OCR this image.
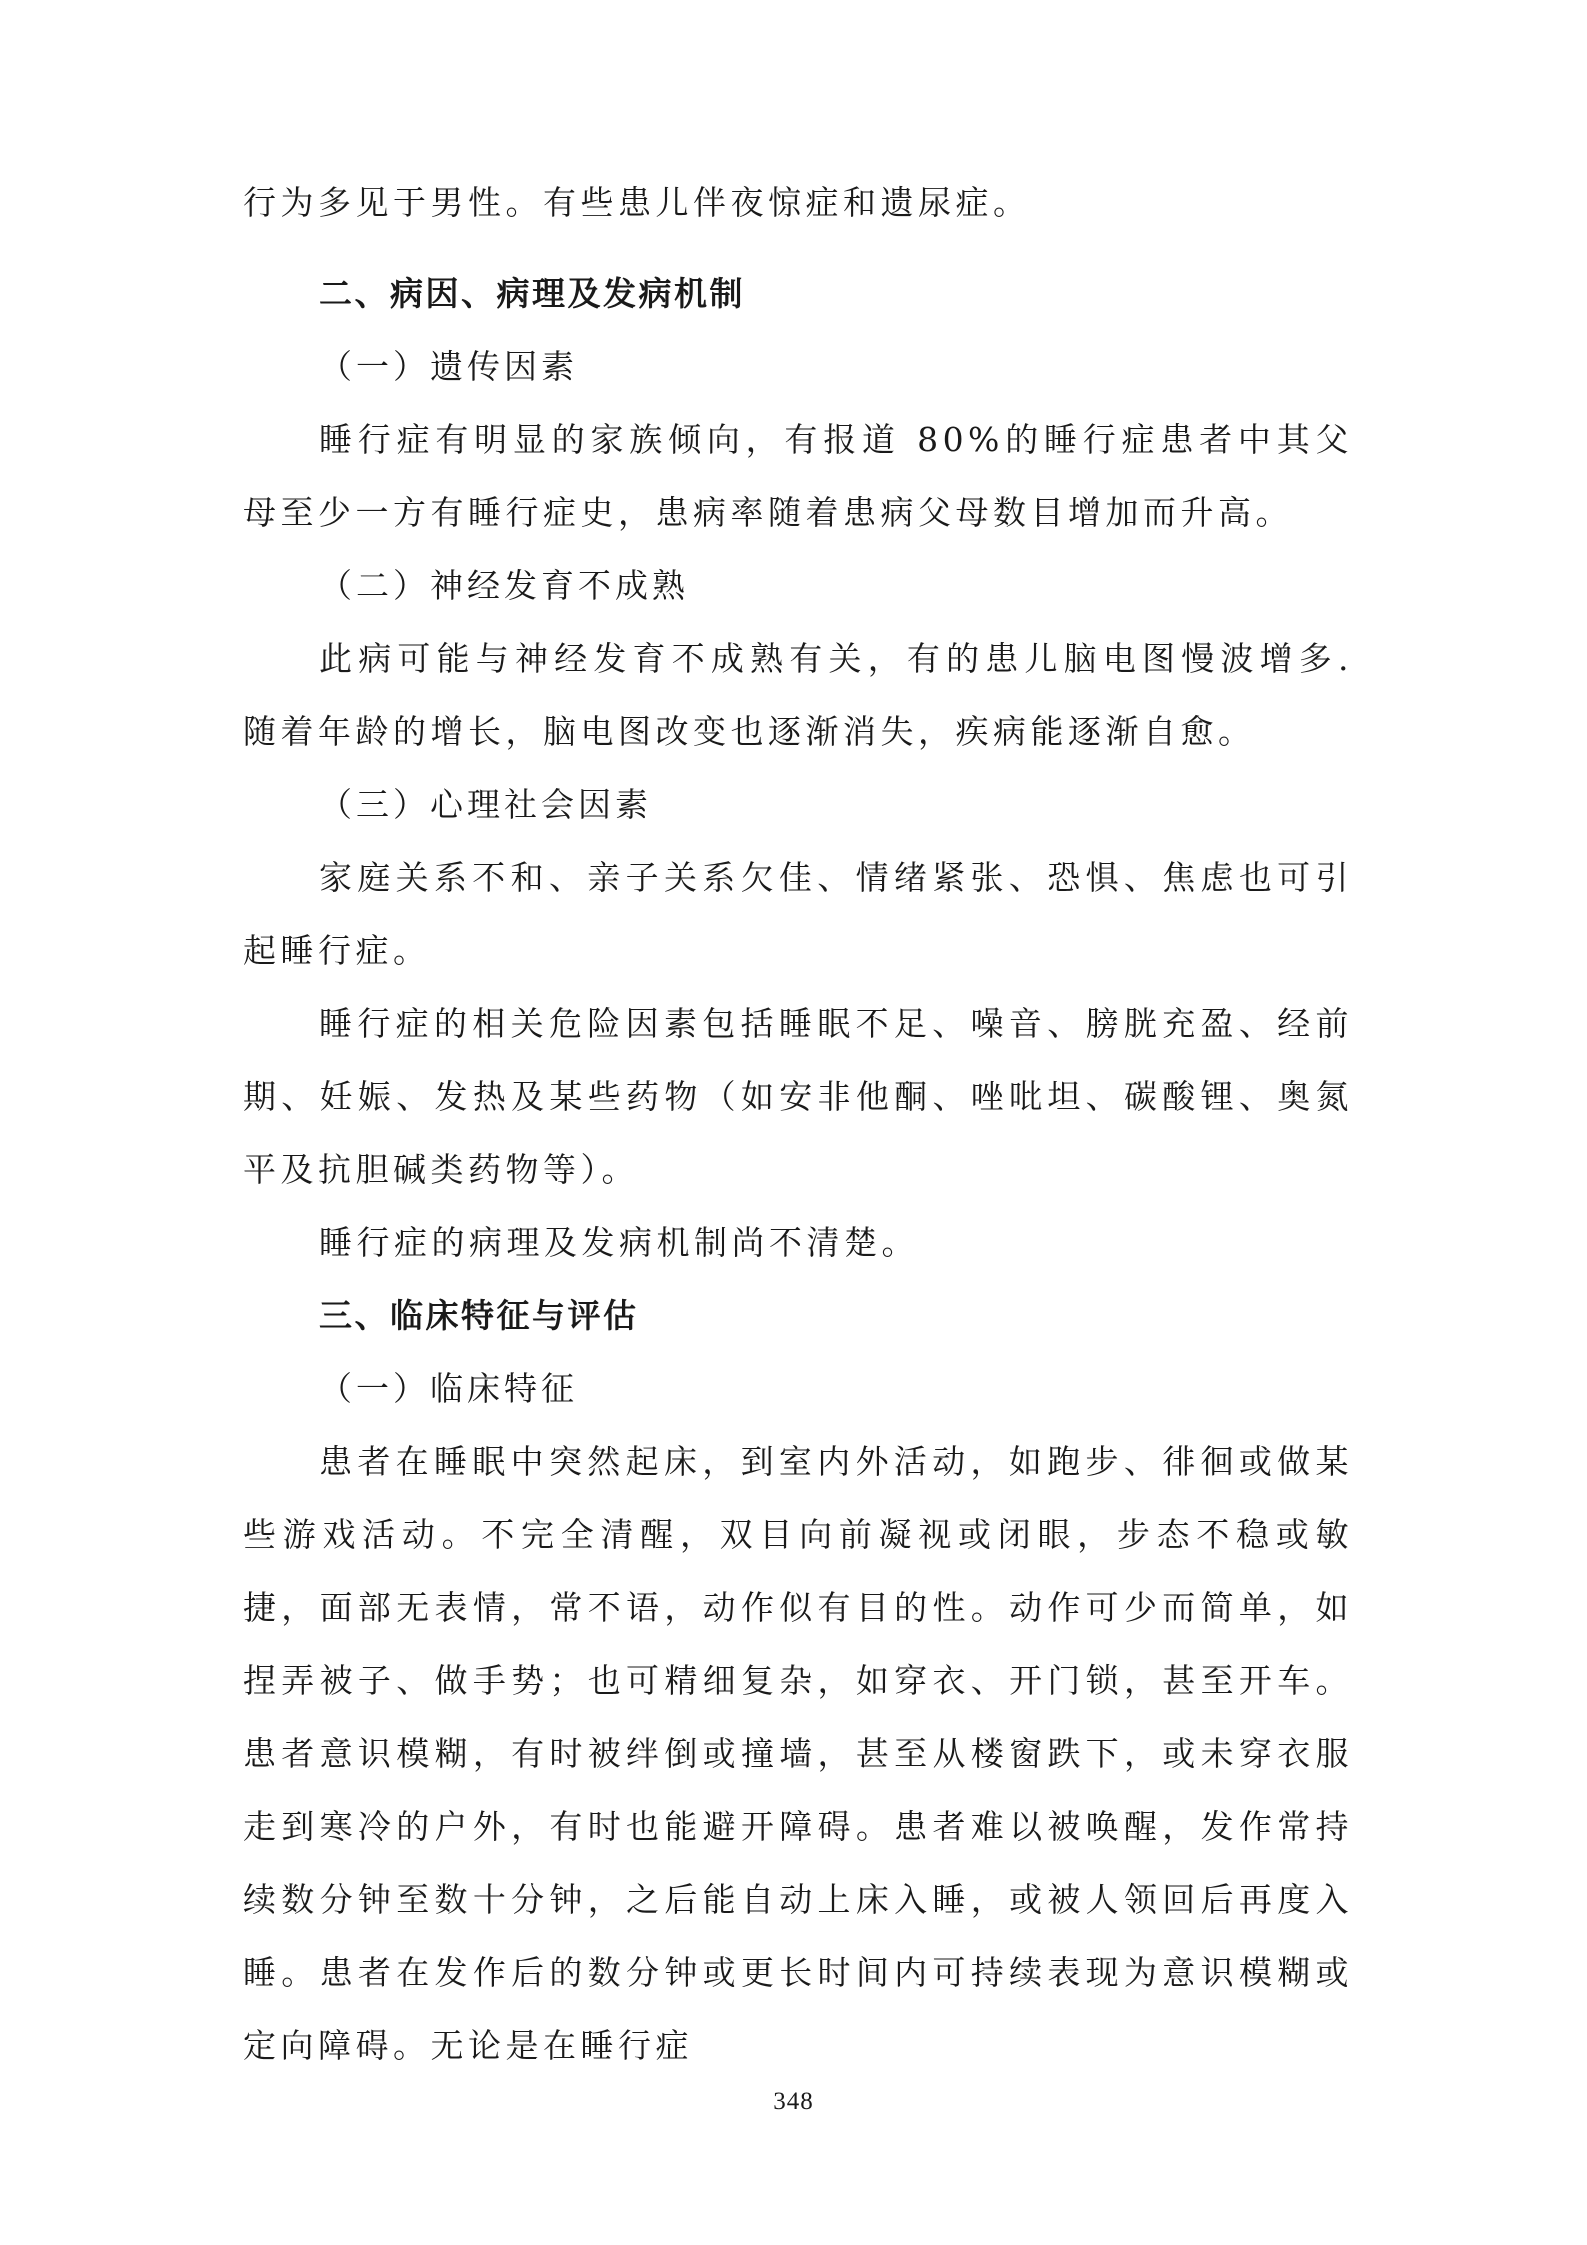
行为多见于男性。有些患儿伴夜惊症和遗尿症。

二、病因、病理及发病机制

（一）遗传因素

睡行症有明显的家族倾向，有报道 80%的睡行症患者中其父母至少一方有睡行症史，患病率随着患病父母数目增加而升高。

（二）神经发育不成熟

此病可能与神经发育不成熟有关，有的患儿脑电图慢波增多. 随着年龄的增长，脑电图改变也逐渐消失，疾病能逐渐自愈。

（三）心理社会因素

家庭关系不和、亲子关系欠佳、情绪紧张、恐惧、焦虑也可引起睡行症。

睡行症的相关危险因素包括睡眠不足、噪音、膀胱充盈、经前期、妊娠、发热及某些药物（如安非他酮、唑吡坦、碳酸锂、奥氮平及抗胆碱类药物等）。

睡行症的病理及发病机制尚不清楚。

三、临床特征与评估

（一）临床特征

患者在睡眠中突然起床，到室内外活动，如跑步、徘徊或做某些游戏活动。不完全清醒，双目向前凝视或闭眼，步态不稳或敏捷，面部无表情，常不语，动作似有目的性。动作可少而简单，如捏弄被子、做手势；也可精细复杂，如穿衣、开门锁，甚至开车。患者意识模糊，有时被绊倒或撞墙，甚至从楼窗跌下，或未穿衣服走到寒冷的户外，有时也能避开障碍。患者难以被唤醒，发作常持续数分钟至数十分钟，之后能自动上床入睡，或被人领回后再度入睡。患者在发作后的数分钟或更长时间内可持续表现为意识模糊或定向障碍。无论是在睡行症

348
